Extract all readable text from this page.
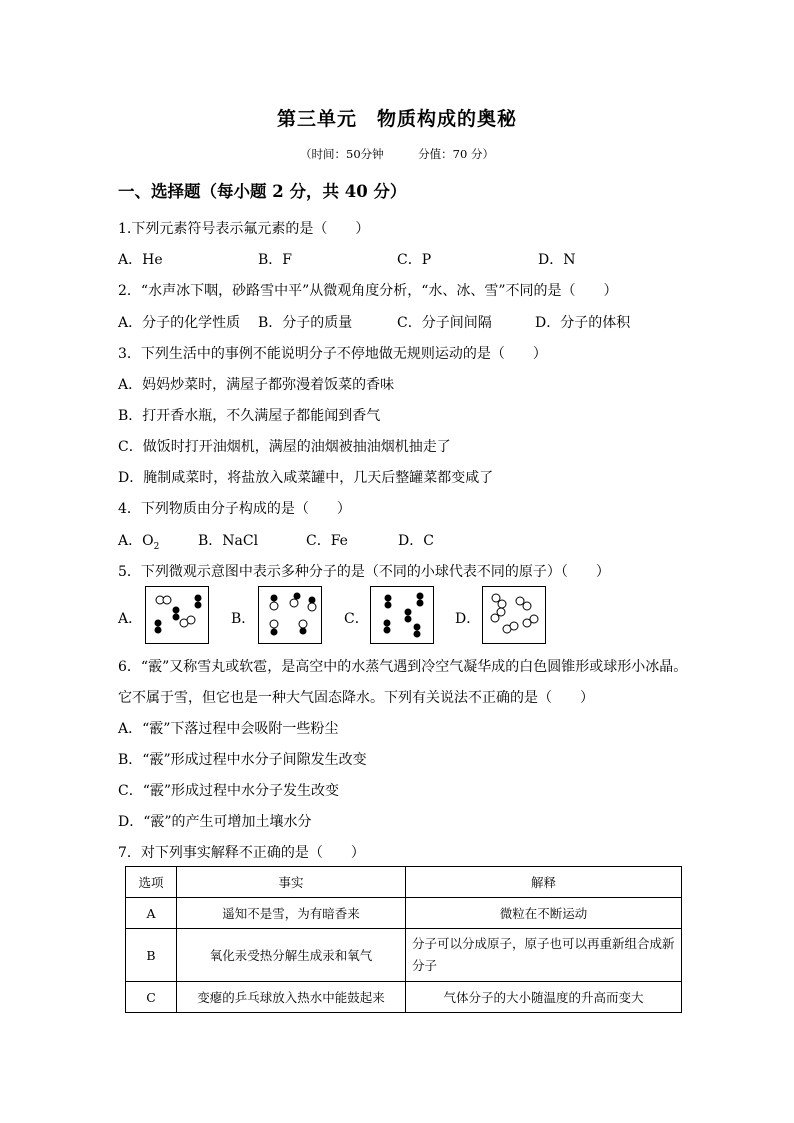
第三单元　物质构成的奥秘
（时间：50分钟　　　分值：70 分）
一、选择题（每小题 2 分，共 40 分）
1.下列元素符号表示氟元素的是（　　）
A．He	B．F	C．P	D．N
2．“水声冰下咽，砂路雪中平”从微观角度分析，“水、冰、雪”不同的是（　　）
A．分子的化学性质 B．分子的质量	C．分子间间隔	D．分子的体积
3．下列生活中的事例不能说明分子不停地做无规则运动的是（　　）
A．妈妈炒菜时，满屋子都弥漫着饭菜的香味
B．打开香水瓶，不久满屋子都能闻到香气
C．做饭时打开油烟机，满屋的油烟被抽油烟机抽走了
D．腌制咸菜时，将盐放入咸菜罐中，几天后整罐菜都变咸了
4．下列物质由分子构成的是（　　）
A．$O_2$	B．NaCl	C．Fe	D．C
5．下列微观示意图中表示多种分子的是（不同的小球代表不同的原子）（　　）
A．	B．	C．	D．
6．“霰”又称雪丸或软雹，是高空中的水蒸气遇到冷空气凝华成的白色圆锥形或球形小冰晶。
它不属于雪，但它也是一种大气固态降水。下列有关说法不正确的是（　　）
A．“霰”下落过程中会吸附一些粉尘
B．“霰”形成过程中水分子间隙发生改变
C．“霰”形成过程中水分子发生改变
D．“霰”的产生可增加土壤水分
7．对下列事实解释不正确的是（　　）
选项	事实	解释
A	遥知不是雪，为有暗香来	微粒在不断运动
B	氧化汞受热分解生成汞和氧气	分子可以分成原子，原子也可以再重新组合成新分子
C	变瘪的乒乓球放入热水中能鼓起来	气体分子的大小随温度的升高而变大
